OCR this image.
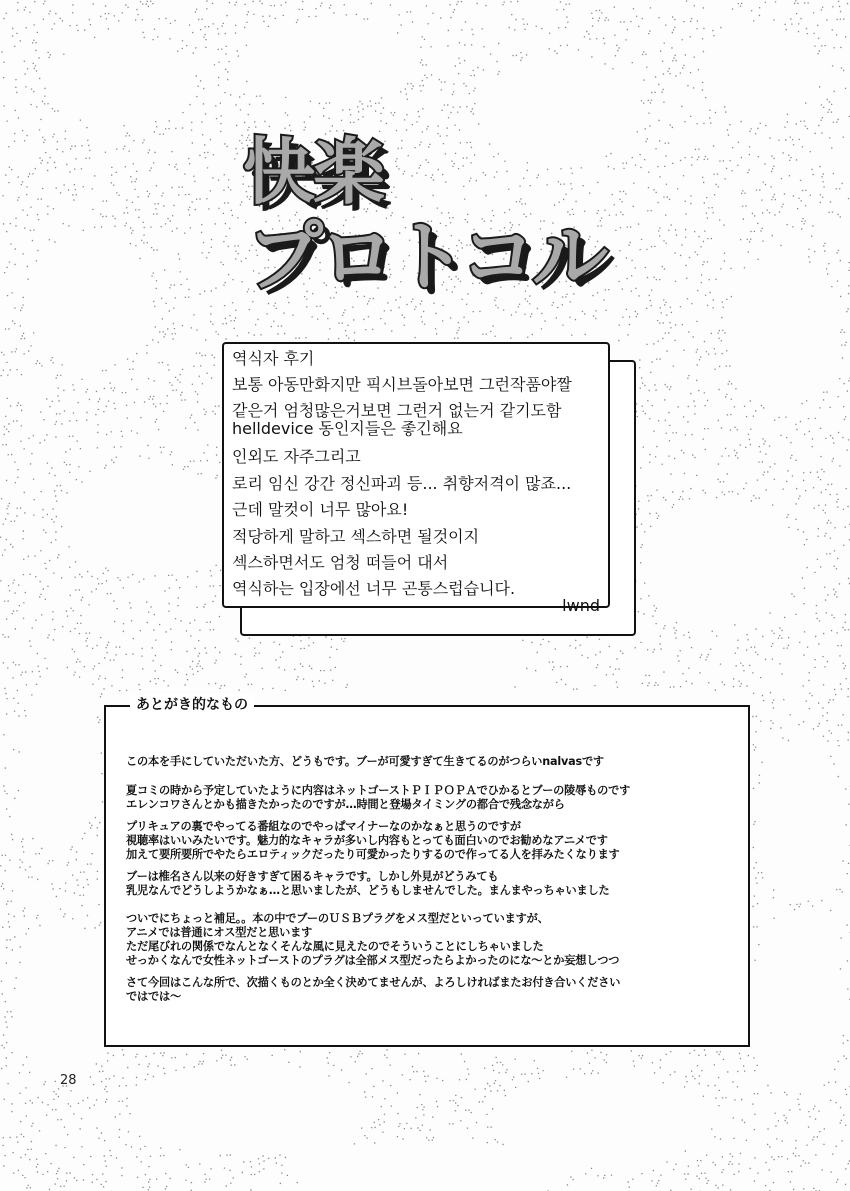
快楽
プロトコル
역식자 후기
보통 아동만화지만 픽시브돌아보면 그런작품야짤
같은거 엄청많은거보면 그런거 없는거 같기도함
helldevice 동인지들은 좋긴해요
인외도 자주그리고
로리 임신 강간 정신파괴 등... 취향저격이 많죠...
근데 말컷이 너무 많아요!
적당하게 말하고 섹스하면 될것이지
섹스하면서도 엄청 떠들어 대서
역식하는 입장에선 너무 곤통스럽습니다.
lwnd
あとがき的なもの
この本を手にしていただいた方、どうもです。ブーが可愛すぎて生きてるのがつらいnalvasです
夏コミの時から予定していたように内容はネットゴーストＰＩＰＯＰＡでひかるとブーの陵辱ものです
エレンコワさんとかも描きたかったのですが…時間と登場タイミングの都合で残念ながら
プリキュアの裏でやってる番組なのでやっぱマイナーなのかなぁと思うのですが
視聴率はいいみたいです。魅力的なキャラが多いし内容もとっても面白いのでお勧めなアニメです
加えて要所要所でやたらエロティックだったり可愛かったりするので作ってる人を拝みたくなります
ブーは椎名さん以来の好きすぎて困るキャラです。しかし外見がどうみても
乳児なんでどうしようかなぁ…と思いましたが、どうもしませんでした。まんまやっちゃいました
ついでにちょっと補足。。本の中でブーのＵＳＢプラグをメス型だといっていますが、
アニメでは普通にオス型だと思います
ただ尾びれの関係でなんとなくそんな風に見えたのでそういうことにしちゃいました
せっかくなんで女性ネットゴーストのプラグは全部メス型だったらよかったのにな～とか妄想しつつ
さて今回はこんな所で、次描くものとか全く決めてませんが、よろしければまたお付き合いください
ではでは～
28
